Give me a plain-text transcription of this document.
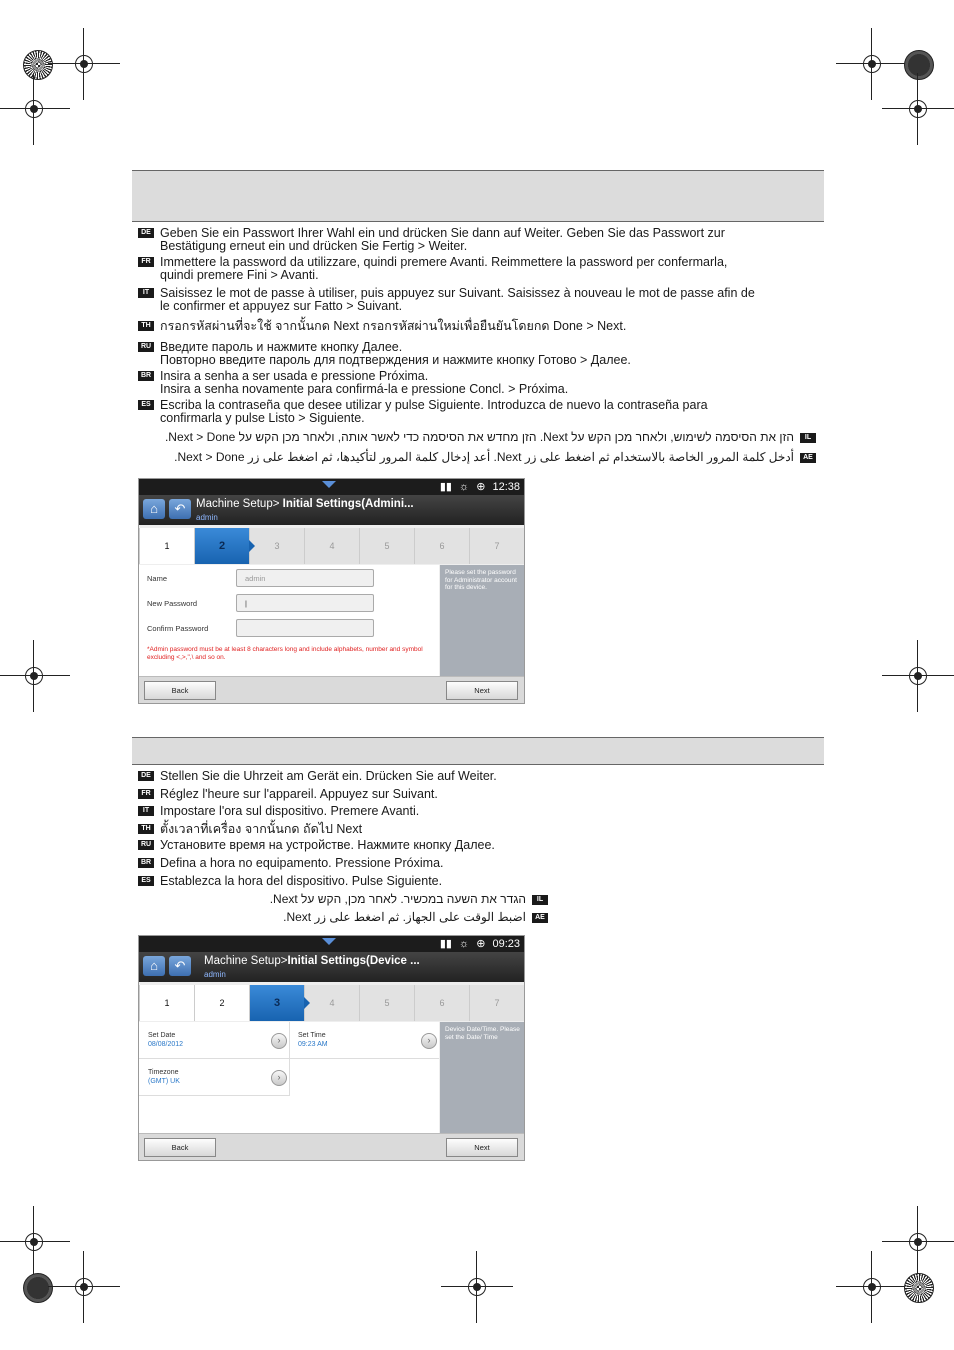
DE Geben Sie ein Passwort Ihrer Wahl ein und drücken Sie dann auf Weiter. Geben Sie das Passwort zur
Bestätigung erneut ein und drücken Sie Fertig > Weiter.
FR Immettere la password da utilizzare, quindi premere Avanti. Reimmettere la password per confermarla,
quindi premere Fini > Avanti.
IT Saisissez le mot de passe à utiliser, puis appuyez sur Suivant. Saisissez à nouveau le mot de passe afin de
le confirmer et appuyez sur Fatto > Suivant.
TH กรอกรหัสผ่านที่จะใช้ จากนั้นกด Next กรอกรหัสผ่านใหม่เพื่อยืนยันโดยกด Done > Next.
RU Введите пароль и нажмите кнопку Далее.
Повторно введите пароль для подтверждения и нажмите кнопку Готово > Далее.
BR Insira a senha a ser usada e pressione Próxima.
Insira a senha novamente para confirmá-la e pressione Concl. > Próxima.
ES Escriba la contraseña que desee utilizar y pulse Siguiente. Introduzca de nuevo la contraseña para
confirmarla y pulse Listo > Siguiente.
ILהזן את הסיסמה לשימוש, ולאחר מכן הקש על Next. הזן מחדש את הסיסמה כדי לאשר אותה, ולאחר מכן הקש על Next > Done.
AEأدخل كلمة المرور الخاصة بالاستخدام ثم اضغط على زر Next. أعد إدخال كلمة المرور لتأكيدها، ثم اضغط على زر Next > Done.
▮▮ ☼ ⊕ 12:38
⌂	↶ Machine Setup> Initial Settings(Admini...
admin
1	2	3	4	5	6	7
Name	admin
New Password	|
Confirm Password
*Admin password must be at least 8 characters long and include alphabets, number and symbol excluding <,>,",\ and so on.
Please set the password for Administrator account for this device.
Back	Next
DE Stellen Sie die Uhrzeit am Gerät ein. Drücken Sie auf Weiter.
FR Réglez l'heure sur l'appareil. Appuyez sur Suivant.
IT Impostare l'ora sul dispositivo. Premere Avanti.
TH ตั้งเวลาที่เครื่อง จากนั้นกด ถัดไป Next
RU Установите время на устройстве. Нажмите кнопку Далее.
BR Defina a hora no equipamento. Pressione Próxima.
ES Establezca la hora del dispositivo. Pulse Siguiente.
ILהגדר את השעה במכשיר. לאחר מכן, הקש על Next.
AEاضبط الوقت على الجهاز. ثم اضغط على زر Next.
▮▮ ☼ ⊕ 09:23
⌂	↶	Machine Setup>Initial Settings(Device ...
admin
1	2	3	4	5	6	7
Set Date
08/08/2012	›	Set Time
09:23 AM	›
Timezone
(GMT) UK	›
Device Date/Time. Please set the Date/ Time
Back	Next
